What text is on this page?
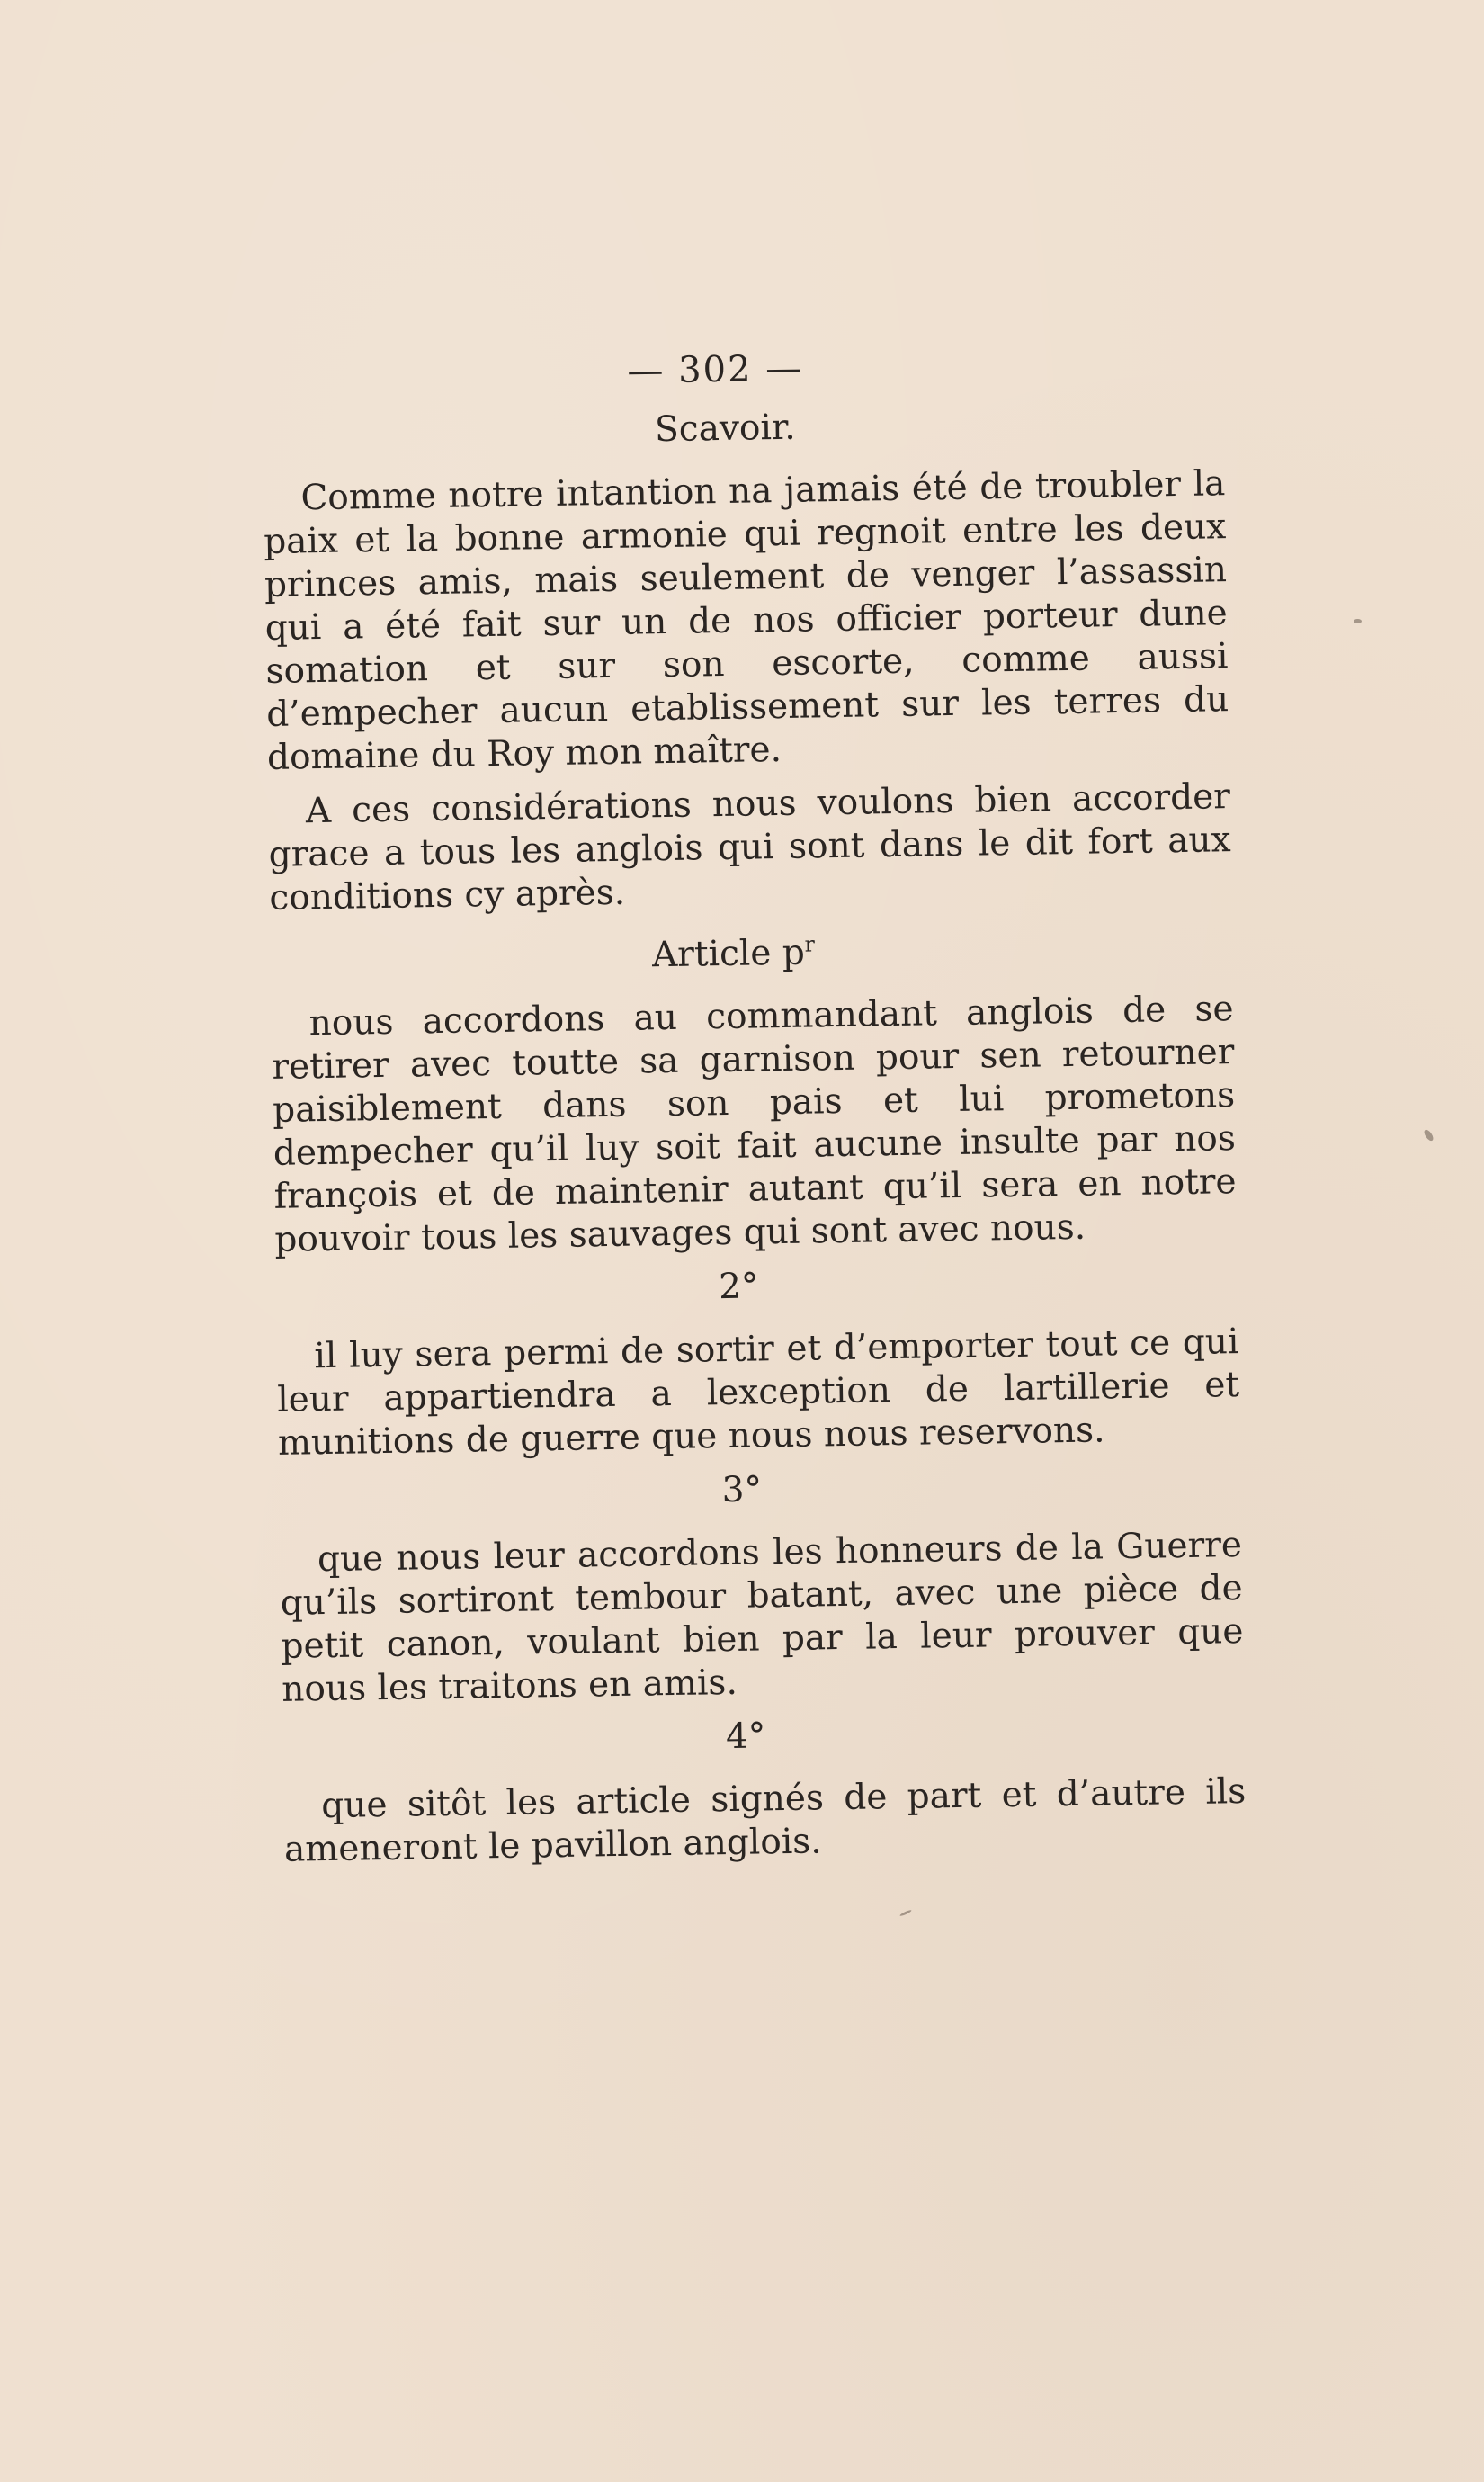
— 302 —
Scavoir.

Comme notre intantion na jamais été de troubler la paix et la bonne armonie qui regnoit entre les deux princes amis, mais seulement de venger l’assassin qui a été fait sur un de nos officier porteur dune somation et sur son escorte, comme aussi d’empecher aucun etablissement sur les terres du domaine du Roy mon maître.

A ces considérations nous voulons bien accorder grace a tous les anglois qui sont dans le dit fort aux conditions cy après.

Article $p^r$

nous accordons au commandant anglois de se retirer avec toutte sa garnison pour sen retourner paisiblement dans son pais et lui prometons dempecher qu’il luy soit fait aucune insulte par nos françois et de maintenir autant qu’il sera en notre pouvoir tous les sauvages qui sont avec nous.

2°

il luy sera permi de sortir et d’emporter tout ce qui leur appartiendra a lexception de lartillerie et munitions de guerre que nous nous reservons.

3°

que nous leur accordons les honneurs de la Guerre qu’ils sortiront tembour batant, avec une pièce de petit canon, voulant bien par la leur prouver que nous les traitons en amis.

4°

que sitôt les article signés de part et d’autre ils ameneront le pavillon anglois.
